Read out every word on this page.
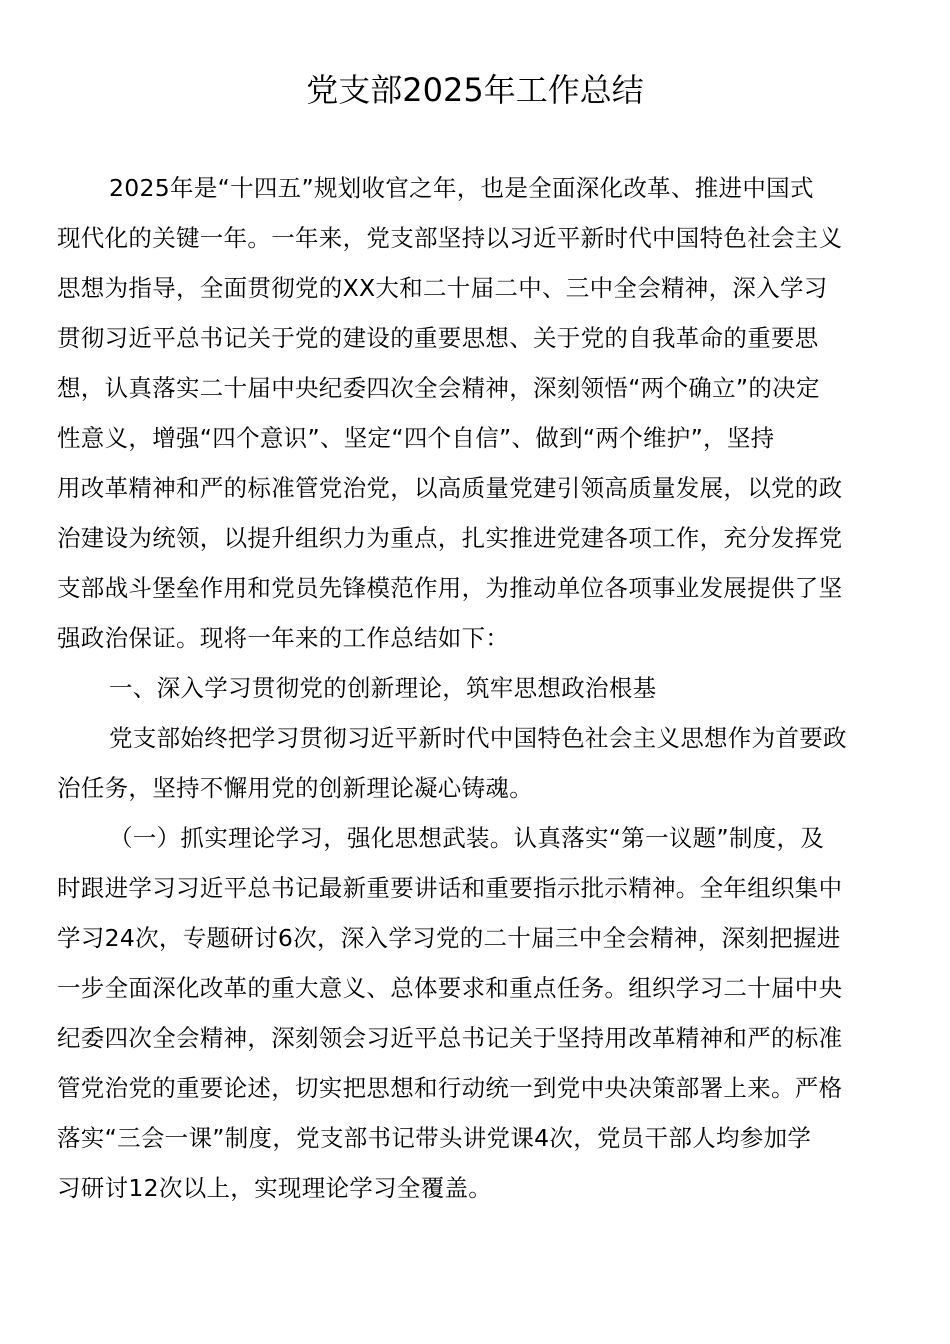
党支部2025年工作总结
2025年是“十四五”规划收官之年，也是全面深化改革、推进中国式
现代化的关键一年。一年来，党支部坚持以习近平新时代中国特色社会主义
思想为指导，全面贯彻党的XX大和二十届二中、三中全会精神，深入学习
贯彻习近平总书记关于党的建设的重要思想、关于党的自我革命的重要思
想，认真落实二十届中央纪委四次全会精神，深刻领悟“两个确立”的决定
性意义，增强“四个意识”、坚定“四个自信”、做到“两个维护”，坚持
用改革精神和严的标准管党治党，以高质量党建引领高质量发展，以党的政
治建设为统领，以提升组织力为重点，扎实推进党建各项工作，充分发挥党
支部战斗堡垒作用和党员先锋模范作用，为推动单位各项事业发展提供了坚
强政治保证。现将一年来的工作总结如下：
一、深入学习贯彻党的创新理论，筑牢思想政治根基
党支部始终把学习贯彻习近平新时代中国特色社会主义思想作为首要政
治任务，坚持不懈用党的创新理论凝心铸魂。
（一）抓实理论学习，强化思想武装。认真落实“第一议题”制度，及
时跟进学习习近平总书记最新重要讲话和重要指示批示精神。全年组织集中
学习24次，专题研讨6次，深入学习党的二十届三中全会精神，深刻把握进
一步全面深化改革的重大意义、总体要求和重点任务。组织学习二十届中央
纪委四次全会精神，深刻领会习近平总书记关于坚持用改革精神和严的标准
管党治党的重要论述，切实把思想和行动统一到党中央决策部署上来。严格
落实“三会一课”制度，党支部书记带头讲党课4次，党员干部人均参加学
习研讨12次以上，实现理论学习全覆盖。
